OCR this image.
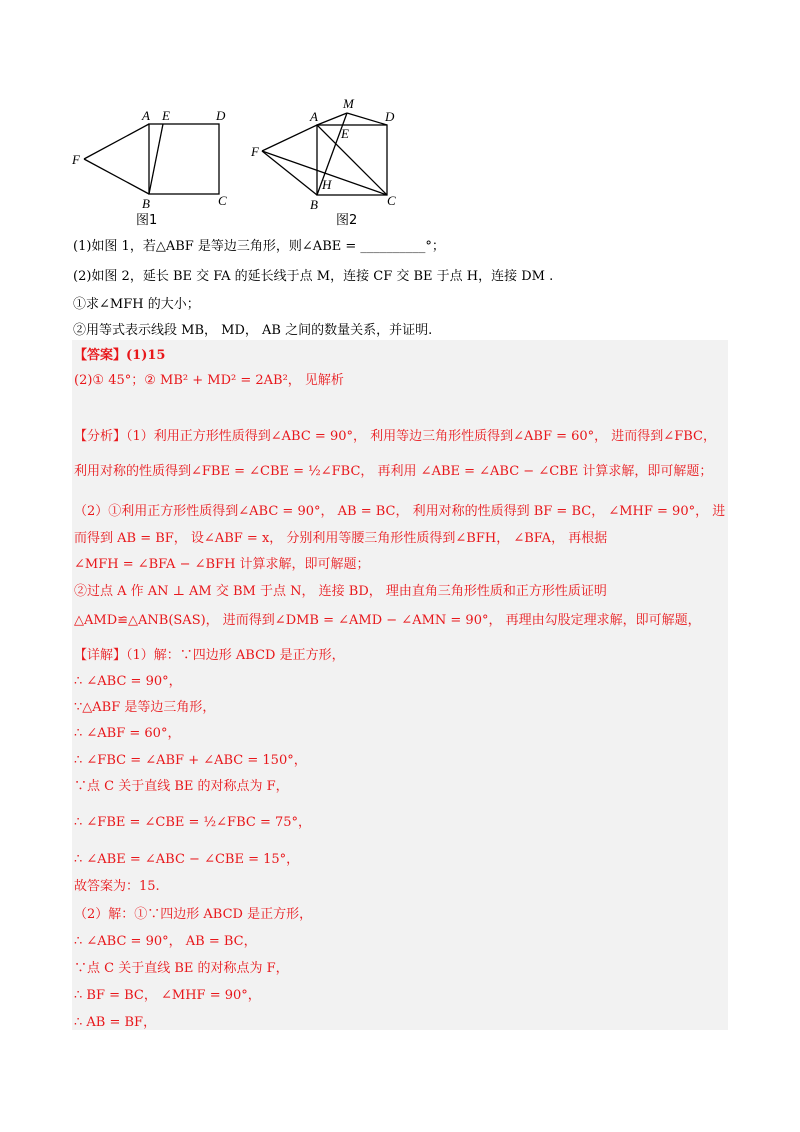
A E	D
F
B	C
图1
M
A
E
D
F
H
B	C
图2
(1)如图 1，若△ABF 是等边三角形，则∠ABE = __________°；
(2)如图 2，延长 BE 交 FA 的延长线于点 M，连接 CF 交 BE 于点 H，连接 DM .
①求∠MFH 的大小；
②用等式表示线段 MB， MD， AB 之间的数量关系，并证明.
【答案】(1)15
(2)① 45°；② MB² + MD² = 2AB²， 见解析
【分析】（1）利用正方形性质得到∠ABC = 90°， 利用等边三角形性质得到∠ABF = 60°， 进而得到∠FBC，
利用对称的性质得到∠FBE = ∠CBE = ½∠FBC， 再利用 ∠ABE = ∠ABC − ∠CBE 计算求解，即可解题；
（2）①利用正方形性质得到∠ABC = 90°， AB = BC， 利用对称的性质得到 BF = BC， ∠MHF = 90°， 进
而得到 AB = BF， 设∠ABF = x， 分别利用等腰三角形性质得到∠BFH， ∠BFA， 再根据
∠MFH = ∠BFA − ∠BFH 计算求解，即可解题；
②过点 A 作 AN ⊥ AM 交 BM 于点 N， 连接 BD， 理由直角三角形性质和正方形性质证明
△AMD≌△ANB(SAS)， 进而得到∠DMB = ∠AMD − ∠AMN = 90°， 再理由勾股定理求解，即可解题，
【详解】（1）解：∵四边形 ABCD 是正方形，
∴ ∠ABC = 90°，
∵△ABF 是等边三角形，
∴ ∠ABF = 60°，
∴ ∠FBC = ∠ABF + ∠ABC = 150°，
∵点 C 关于直线 BE 的对称点为 F，
∴ ∠FBE = ∠CBE = ½∠FBC = 75°，
∴ ∠ABE = ∠ABC − ∠CBE = 15°，
故答案为：15.
（2）解：①∵四边形 ABCD 是正方形，
∴ ∠ABC = 90°， AB = BC，
∵点 C 关于直线 BE 的对称点为 F，
∴ BF = BC， ∠MHF = 90°，
∴ AB = BF，
